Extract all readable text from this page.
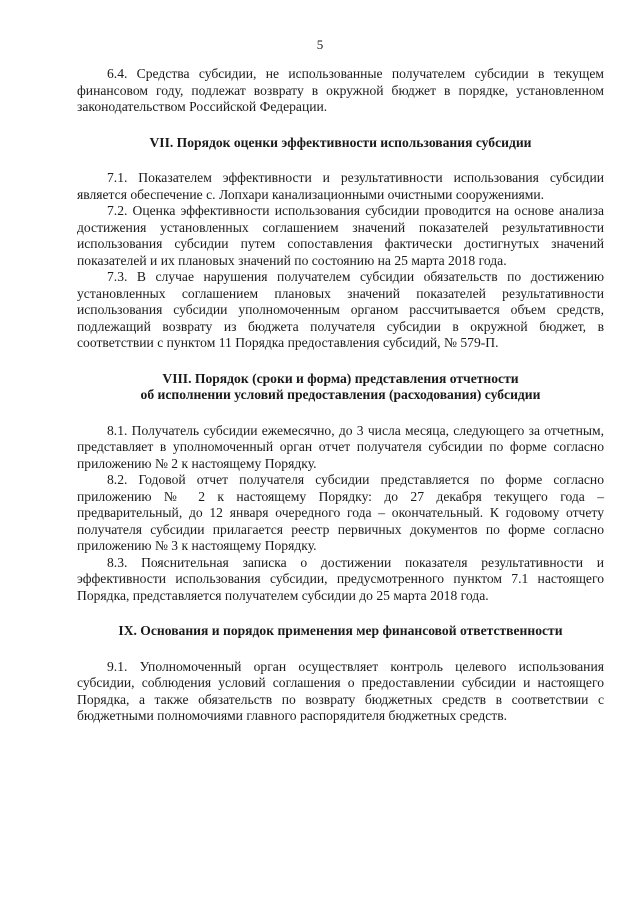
5

6.4. Средства субсидии, не использованные получателем субсидии в текущем финансовом году, подлежат возврату в окружной бюджет в порядке, установленном законодательством Российской Федерации.

VII. Порядок оценки эффективности использования субсидии

7.1. Показателем эффективности и результативности использования субсидии является обеспечение с. Лопхари канализационными очистными сооружениями.

7.2. Оценка эффективности использования субсидии проводится на основе анализа достижения установленных соглашением значений показателей результативности использования субсидии путем сопоставления фактически достигнутых значений показателей и их плановых значений по состоянию на 25 марта 2018 года.

7.3. В случае нарушения получателем субсидии обязательств по достижению установленных соглашением плановых значений показателей результативности использования субсидии уполномоченным органом рассчитывается объем средств, подлежащий возврату из бюджета получателя субсидии в окружной бюджет, в соответствии с пунктом 11 Порядка предоставления субсидий, № 579-П.

VIII. Порядок (сроки и форма) представления отчетности
об исполнении условий предоставления (расходования) субсидии

8.1. Получатель субсидии ежемесячно, до 3 числа месяца, следующего за отчетным, представляет в уполномоченный орган отчет получателя субсидии по форме согласно приложению № 2 к настоящему Порядку.

8.2. Годовой отчет получателя субсидии представляется по форме согласно приложению № 2 к настоящему Порядку: до 27 декабря текущего года – предварительный, до 12 января очередного года – окончательный. К годовому отчету получателя субсидии прилагается реестр первичных документов по форме согласно приложению № 3 к настоящему Порядку.

8.3. Пояснительная записка о достижении показателя результативности и эффективности использования субсидии, предусмотренного пунктом 7.1 настоящего Порядка, представляется получателем субсидии до 25 марта 2018 года.

IX. Основания и порядок применения мер финансовой ответственности

9.1. Уполномоченный орган осуществляет контроль целевого использования субсидии, соблюдения условий соглашения о предоставлении субсидии и настоящего Порядка, а также обязательств по возврату бюджетных средств в соответствии с бюджетными полномочиями главного распорядителя бюджетных средств.
